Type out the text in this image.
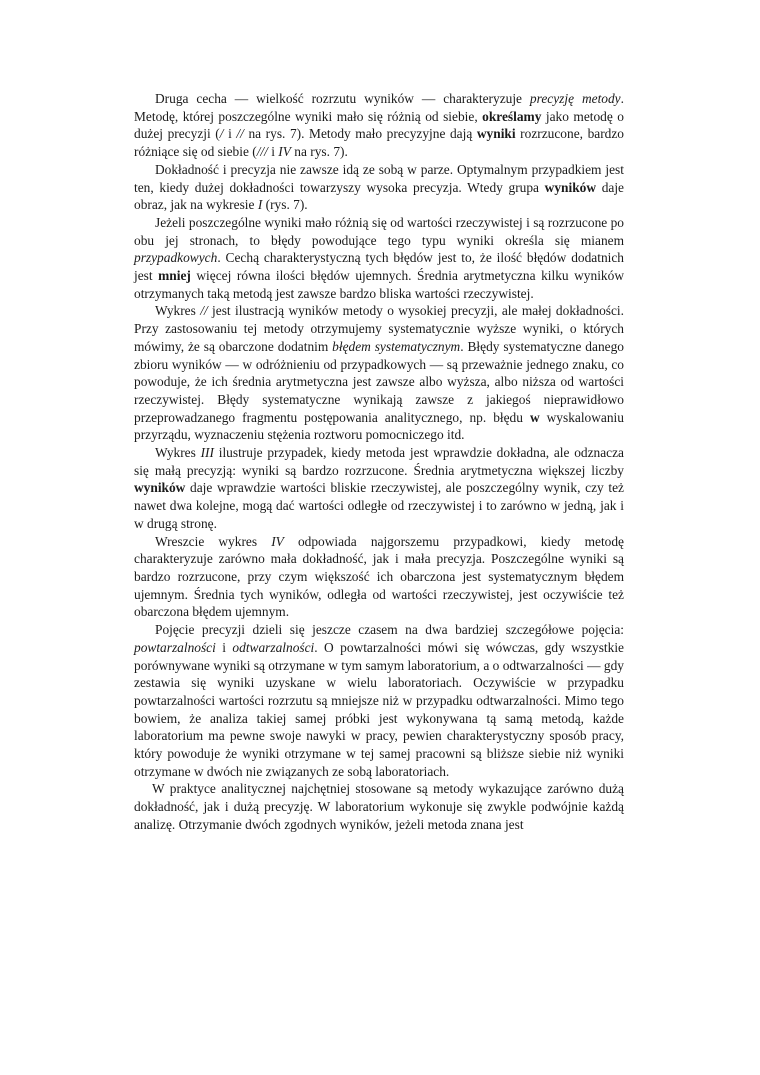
Druga cecha — wielkość rozrzutu wyników — charakteryzuje precyzję metody. Metodę, której poszczególne wyniki mało się różnią od siebie, określamy jako metodę o dużej precyzji (/ i // na rys. 7). Metody mało precyzyjne dają wyniki rozrzucone, bardzo różniące się od siebie (/// i IV na rys. 7).

Dokładność i precyzja nie zawsze idą ze sobą w parze. Optymalnym przypadkiem jest ten, kiedy dużej dokładności towarzyszy wysoka precyzja. Wtedy grupa wyników daje obraz, jak na wykresie I (rys. 7).

Jeżeli poszczególne wyniki mało różnią się od wartości rzeczywistej i są rozrzucone po obu jej stronach, to błędy powodujące tego typu wyniki określa się mianem przypadkowych. Cechą charakterystyczną tych błędów jest to, że ilość błędów dodatnich jest mniej więcej równa ilości błędów ujemnych. Średnia arytmetyczna kilku wyników otrzymanych taką metodą jest zawsze bardzo bliska wartości rzeczywistej.

Wykres // jest ilustracją wyników metody o wysokiej precyzji, ale małej dokładności. Przy zastosowaniu tej metody otrzymujemy systematycznie wyższe wyniki, o których mówimy, że są obarczone dodatnim błędem systematycznym. Błędy systematyczne danego zbioru wyników — w odróżnieniu od przypadkowych — są przeważnie jednego znaku, co powoduje, że ich średnia arytmetyczna jest zawsze albo wyższa, albo niższa od wartości rzeczywistej. Błędy systematyczne wynikają zawsze z jakiegoś nieprawidłowo przeprowadzanego fragmentu postępowania analitycznego, np. błędu w wyskalowaniu przyrządu, wyznaczeniu stężenia roztworu pomocniczego itd.

Wykres III ilustruje przypadek, kiedy metoda jest wprawdzie dokładna, ale odznacza się małą precyzją: wyniki są bardzo rozrzucone. Średnia arytmetyczna większej liczby wyników daje wprawdzie wartości bliskie rzeczywistej, ale poszczególny wynik, czy też nawet dwa kolejne, mogą dać wartości odległe od rzeczywistej i to zarówno w jedną, jak i w drugą stronę.

Wreszcie wykres IV odpowiada najgorszemu przypadkowi, kiedy metodę charakteryzuje zarówno mała dokładność, jak i mała precyzja. Poszczególne wyniki są bardzo rozrzucone, przy czym większość ich obarczona jest systematycznym błędem ujemnym. Średnia tych wyników, odległa od wartości rzeczywistej, jest oczywiście też obarczona błędem ujemnym.

Pojęcie precyzji dzieli się jeszcze czasem na dwa bardziej szczegółowe pojęcia: powtarzalności i odtwarzalności. O powtarzalności mówi się wówczas, gdy wszystkie porównywane wyniki są otrzymane w tym samym laboratorium, a o odtwarzalności — gdy zestawia się wyniki uzyskane w wielu laboratoriach. Oczywiście w przypadku powtarzalności wartości rozrzutu są mniejsze niż w przypadku odtwarzalności. Mimo tego bowiem, że analiza takiej samej próbki jest wykonywana tą samą metodą, każde laboratorium ma pewne swoje nawyki w pracy, pewien charakterystyczny sposób pracy, który powoduje że wyniki otrzymane w tej samej pracowni są bliższe siebie niż wyniki otrzymane w dwóch nie związanych ze sobą laboratoriach.

W praktyce analitycznej najchętniej stosowane są metody wykazujące zarówno dużą dokładność, jak i dużą precyzję. W laboratorium wykonuje się zwykle podwójnie każdą analizę. Otrzymanie dwóch zgodnych wyników, jeżeli metoda znana jest
